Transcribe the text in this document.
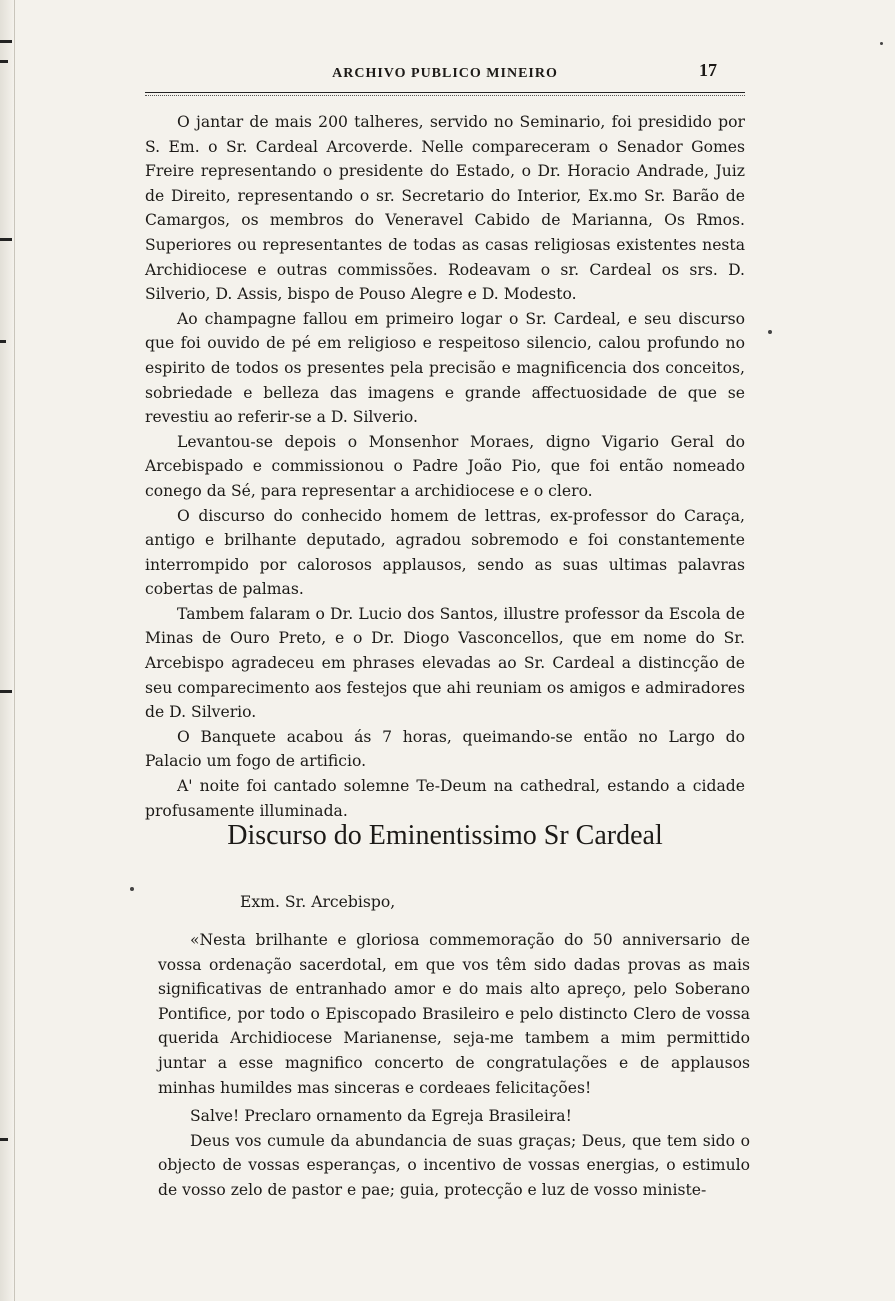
ARCHIVO PUBLICO MINEIRO	17

O jantar de mais 200 talheres, servido no Seminario, foi presidido por S. Em. o Sr. Cardeal Arcoverde. Nelle compareceram o Senador Gomes Freire representando o presidente do Estado, o Dr. Horacio Andrade, Juiz de Direito, representando o sr. Secretario do Interior, Ex.mo Sr. Barão de Camargos, os membros do Veneravel Cabido de Marianna, Os Rmos. Superiores ou representantes de todas as casas religiosas existentes nesta Archidiocese e outras commissões. Rodeavam o sr. Cardeal os srs. D. Silverio, D. Assis, bispo de Pouso Alegre e D. Modesto.

Ao champagne fallou em primeiro logar o Sr. Cardeal, e seu discurso que foi ouvido de pé em religioso e respeitoso silencio, calou profundo no espirito de todos os presentes pela precisão e magnificencia dos conceitos, sobriedade e belleza das imagens e grande affectuosidade de que se revestiu ao referir-se a D. Silverio.

Levantou-se depois o Monsenhor Moraes, digno Vigario Geral do Arcebispado e commissionou o Padre João Pio, que foi então nomeado conego da Sé, para representar a archidiocese e o clero.

O discurso do conhecido homem de lettras, ex-professor do Caraça, antigo e brilhante deputado, agradou sobremodo e foi constantemente interrompido por calorosos applausos, sendo as suas ultimas palavras cobertas de palmas.

Tambem falaram o Dr. Lucio dos Santos, illustre professor da Escola de Minas de Ouro Preto, e o Dr. Diogo Vasconcellos, que em nome do Sr. Arcebispo agradeceu em phrases elevadas ao Sr. Cardeal a distincção de seu comparecimento aos festejos que ahi reuniam os amigos e admiradores de D. Silverio.

O Banquete acabou ás 7 horas, queimando-se então no Largo do Palacio um fogo de artificio.

A' noite foi cantado solemne Te-Deum na cathedral, estando a cidade profusamente illuminada.

Discurso do Eminentissimo Sr Cardeal
Exm. Sr. Arcebispo,

«Nesta brilhante e gloriosa commemoração do 50 anniversario de vossa ordenação sacerdotal, em que vos têm sido dadas provas as mais significativas de entranhado amor e do mais alto apreço, pelo Soberano Pontifice, por todo o Episcopado Brasileiro e pelo distincto Clero de vossa querida Archidiocese Marianense, seja-me tambem a mim permittido juntar a esse magnifico concerto de congratulações e de applausos minhas humildes mas sinceras e cordeaes felicitações!

Salve! Preclaro ornamento da Egreja Brasileira!

Deus vos cumule da abundancia de suas graças; Deus, que tem sido o objecto de vossas esperanças, o incentivo de vossas energias, o estimulo de vosso zelo de pastor e pae; guia, protecção e luz de vosso ministe-
